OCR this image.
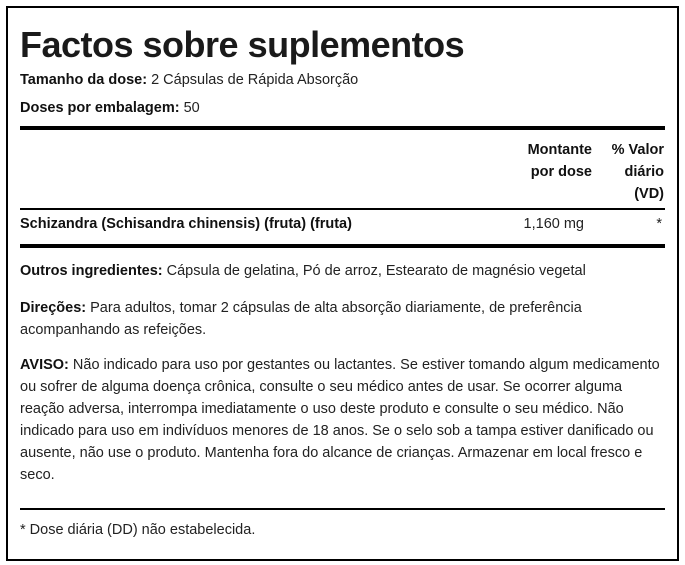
Factos sobre suplementos
Tamanho da dose: 2 Cápsulas de Rápida Absorção
Doses por embalagem: 50
Montante
por dose
% Valor
diário
(VD)
Schizandra (Schisandra chinensis) (fruta) (fruta)	1,160 mg	*
Outros ingredientes: Cápsula de gelatina, Pó de arroz, Estearato de magnésio vegetal
Direções: Para adultos, tomar 2 cápsulas de alta absorção diariamente, de preferência acompanhando as refeições.
AVISO: Não indicado para uso por gestantes ou lactantes. Se estiver tomando algum medicamento ou sofrer de alguma doença crônica, consulte o seu médico antes de usar. Se ocorrer alguma reação adversa, interrompa imediatamente o uso deste produto e consulte o seu médico. Não indicado para uso em indivíduos menores de 18 anos. Se o selo sob a tampa estiver danificado ou ausente, não use o produto. Mantenha fora do alcance de crianças. Armazenar em local fresco e seco.
* Dose diária (DD) não estabelecida.
